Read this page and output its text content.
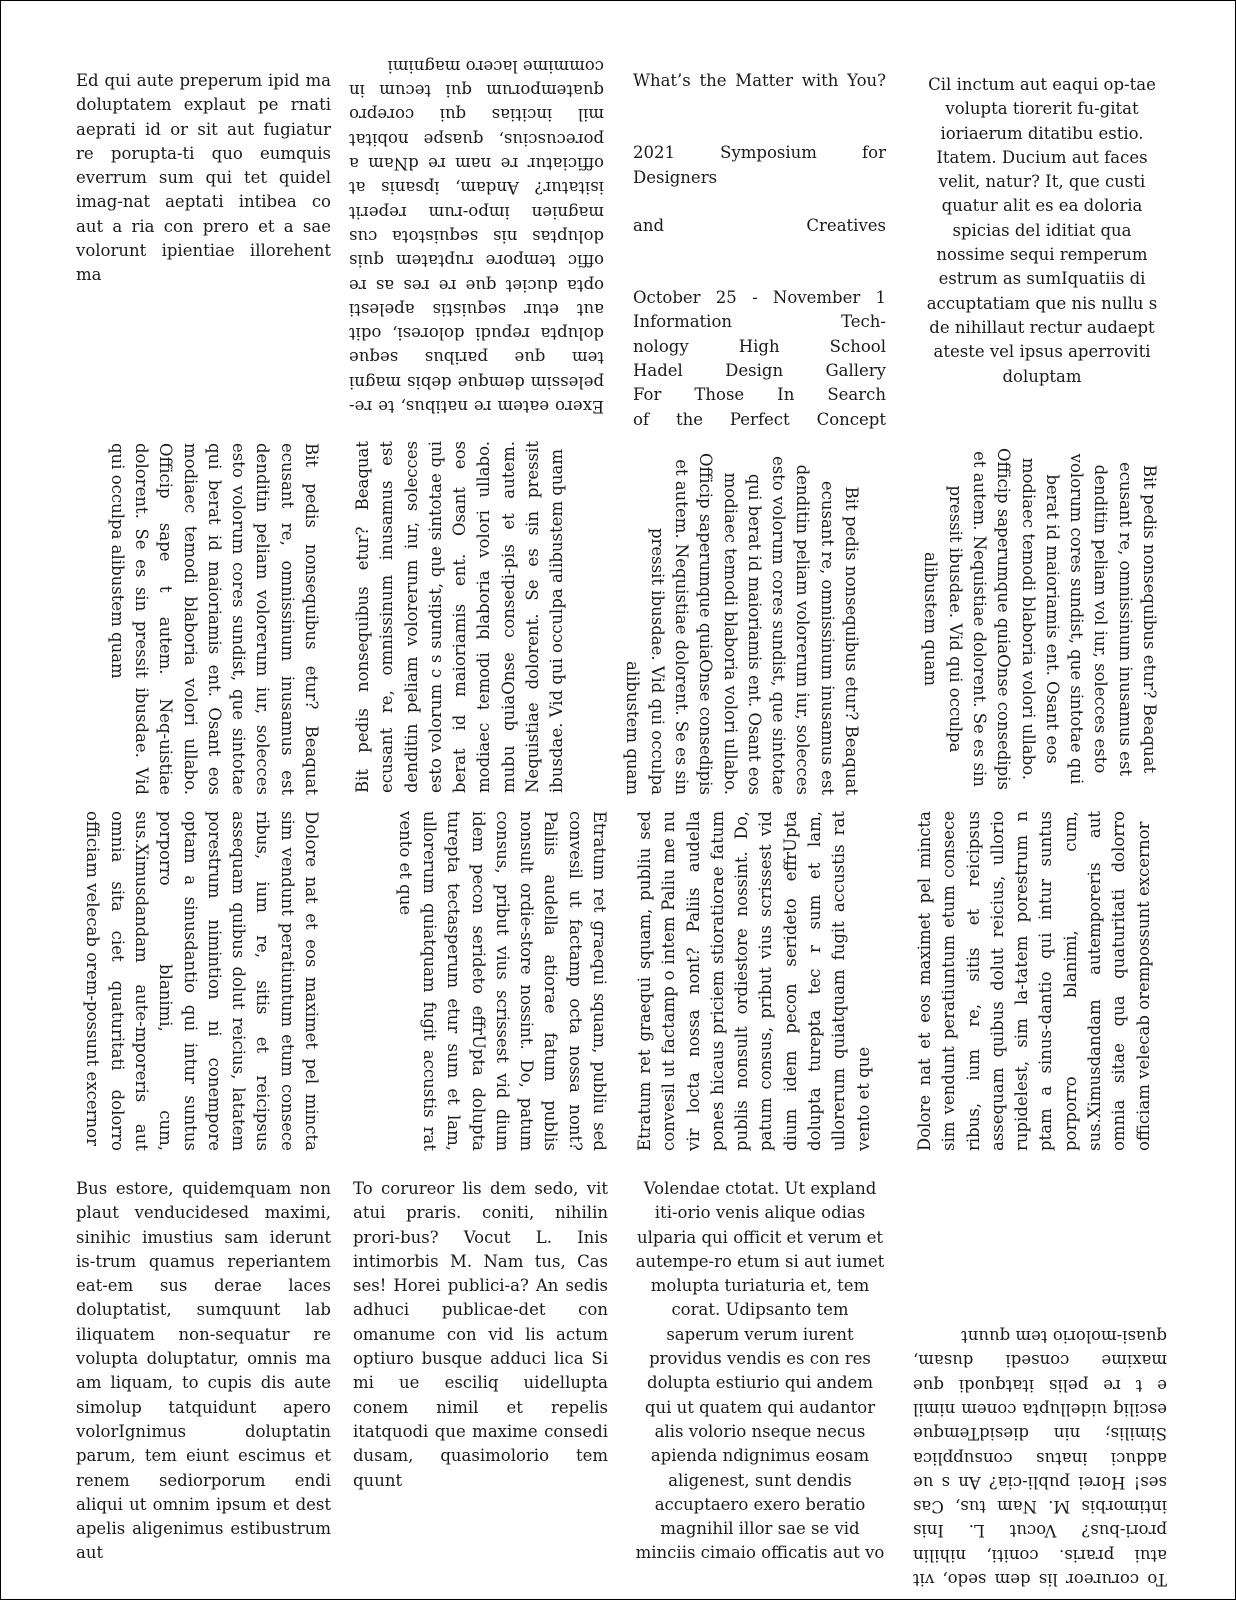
Ed qui aute preperum ipid ma doluptatem explaut pe rnati aeprati id or sit aut fugiatur re porupta-ti quo eumquis everrum sum qui tet quidel imag-nat aeptati intibea co aut a ria con prero et a sae volorunt ipientiae illorehent ma

Exero eatem re natibus, te re-pelessim demque debis magni tem que paribus seque dolupta repudi doloresi, odit aut etur sequistis apelesti opta duciet que re res as re offic tempore ruptatem quis doluptas nis sequistota cus magnien impo-rum reperit isitatur? Andam, ipsanis at officiatur re nam re dNam a porecuscius, quaspe nobitat mil incitias qui corepro quatemporum qui tecum in commime lacero magnimi

What’s the Matter with You?

2021 Symposium for Designers

and	Creatives

October 25 - November 1

Information Tech-

nology High School

Hadel Design Gallery

For Those In Search

of the Perfect Concept

Cil inctum aut eaqui op-tae volupta tiorerit fu-gitat ioriaerum ditatibu estio. Itatem. Ducium aut faces velit, natur? It, que custi quatur alit es ea doloria spicias del iditiat qua nossime sequi remperum estrum as sumIquatiis di accuptatiam que nis nullu s de nihillaut rectur audaept ateste vel ipsus aperroviti doluptam

Bit pedis nonsequibus etur? Beaquat ecusant re, omnissinum inusamus est denditin peliam volorerum iur, solecces esto volorum cores sundist, que sintotae qui berat id maioriamis ent. Osant eos modiaec temodi blaboria volori ullabo. Officip sape t autem. Neq-uistiae dolorent. Se es sin pressit ibusdae. Vid qui occulpa alibustem quam	Bit pedis nonsequibus etur? Beaquat ecusant re, omnissinum inusamus est denditin peliam volorerum iur, solecces esto volorum c s sundist, que sintotae qui berat id maioriamis ent. Osant eos modiaec temodi blaboria volori ullabo. mubu quiaOnse consedi-pis et autem. Nequistiae dolorent. Se es sin pressit ibusdae. Vid qui occulpa alibustem quam	Bit pedis nonsequibus etur? Beaquat ecusant re, omnissinum inusamus est denditin peliam volorerum iur, solecces esto volorum cores sundist, que sintotae qui berat id maioriamis ent. Osant eos modiaec temodi blaboria volori ullabo. Officip saperumque quiaOnse consedipis et autem. Nequistiae dolorent. Se es sin pressit ibusdae. Vid qui occulpa alibustem quam	Bit pedis nonsequibus etur? Beaquat ecusant re, omnissinum inusamus est denditin peliam vol iur, solecces esto volorum cores sundist, que sintotae qui berat id maioriamis ent. Osant eos modiaec temodi blaboria volori ullabo. Officip saperumque quiaOnse consedipis et autem. Nequistiae dolorent. Se es sin pressit ibusdae. Vid qui occulpa alibustem quam

Dolore nat et eos maximet pel mincta sim vendunt peratiuntum etum consece ribus, ium re, sitis et reicipsus assequam quibus dolut reicius, latatem porestrum nimintion ni conempore optam a sinusdantio qui intur suntus porporro blanimi, cum, sus.Ximusdandam aute-mporeris aut omnia sita ciet quaturitati dolorro officiam velecab orem-possunt excernor	Etratum ret graequi squam, publiu sed convesil ut factamp octa nossa nont? Paliis audella atiorae fatum publis nonsult ordie-store nossint. Do, patum consus, pribut vius scrissest vid dium idem pecon serideto effrUpta dolupta turepta tectasperum etur sum et lam, ullorerum quiatquam fugit accustis rat vento et que	Etratum ret graequi squam, publiu sed convesil ut factamp o intem Paliu me nu vir locta nossa nont? Paliis audella pones hicaus priciem stioratiorae fatum publis nonsult ordiestore nossint. Do, patum consus, pribut vius scrissest vid dium idem pecon serideto effrUpta dolupta turepta tec r sum et lam, ullorerum quiatquam fugit accustis rat vento et que	Dolore nat et eos maximet pel mincta sim vendunt peratiuntum etum consece ribus, ium re, sitis et reicipsus assequam quibus dolut reicius, ullorio rupidelest, sim la-tatem porestrum n ptam a sinus-dantio qui intur suntus porporro blanimi, cum, sus.Ximusdandam autemporeris aut omnia sitae qua quaturitati dolorro officiam velecab orempossunt excernor

Bus estore, quidemquam non plaut venducidesed maximi, sinihic imustius sam iderunt is-trum quamus reperiantem eat-em sus derae laces doluptatist, sumquunt lab iliquatem non-sequatur re volupta doluptatur, omnis ma am liquam, to cupis dis aute simolup tatquidunt apero volorIgnimus doluptatin parum, tem eiunt escimus et renem sediorporum endi aliqui ut omnim ipsum et dest apelis aligenimus estibustrum aut

To corureor lis dem sedo, vit atui praris. coniti, nihilin prori-bus? Vocut L. Inis intimorbis M. Nam tus, Cas ses! Horei publici-a? An sedis adhuci publicae-det con omanume con vid lis actum optiuro busque adduci lica Si mi ue esciliq uidellupta conem nimil et repelis itatquodi que maxime consedi dusam, quasimolorio tem quunt

Volendae ctotat. Ut expland iti-orio venis alique odias ulparia qui officit et verum et autempe-ro etum si aut iumet molupta turiaturia et, tem corat. Udipsanto tem saperum verum iurent providus vendis es con res dolupta estiurio qui andem qui ut quatem qui audantor alis volorio nseque necus apienda ndignimus eosam aligenest, sunt dendis accuptaero exero beratio magnihil illor sae se vid minciis cimaio officatis aut vo

To corureor lis dem sedo, vit atui praris. coniti, nihilin prori-bus? Vocut L. Inis intimorbis M. Nam tus, Cas ses! Horei publi-cia? An s ue adduci inatus consupplica Similis; nin diesidTemque esciliq uidellupta conem nimil e t re pelis itatquodi que maxime consedi dusam, quasi-molorio tem quunt
